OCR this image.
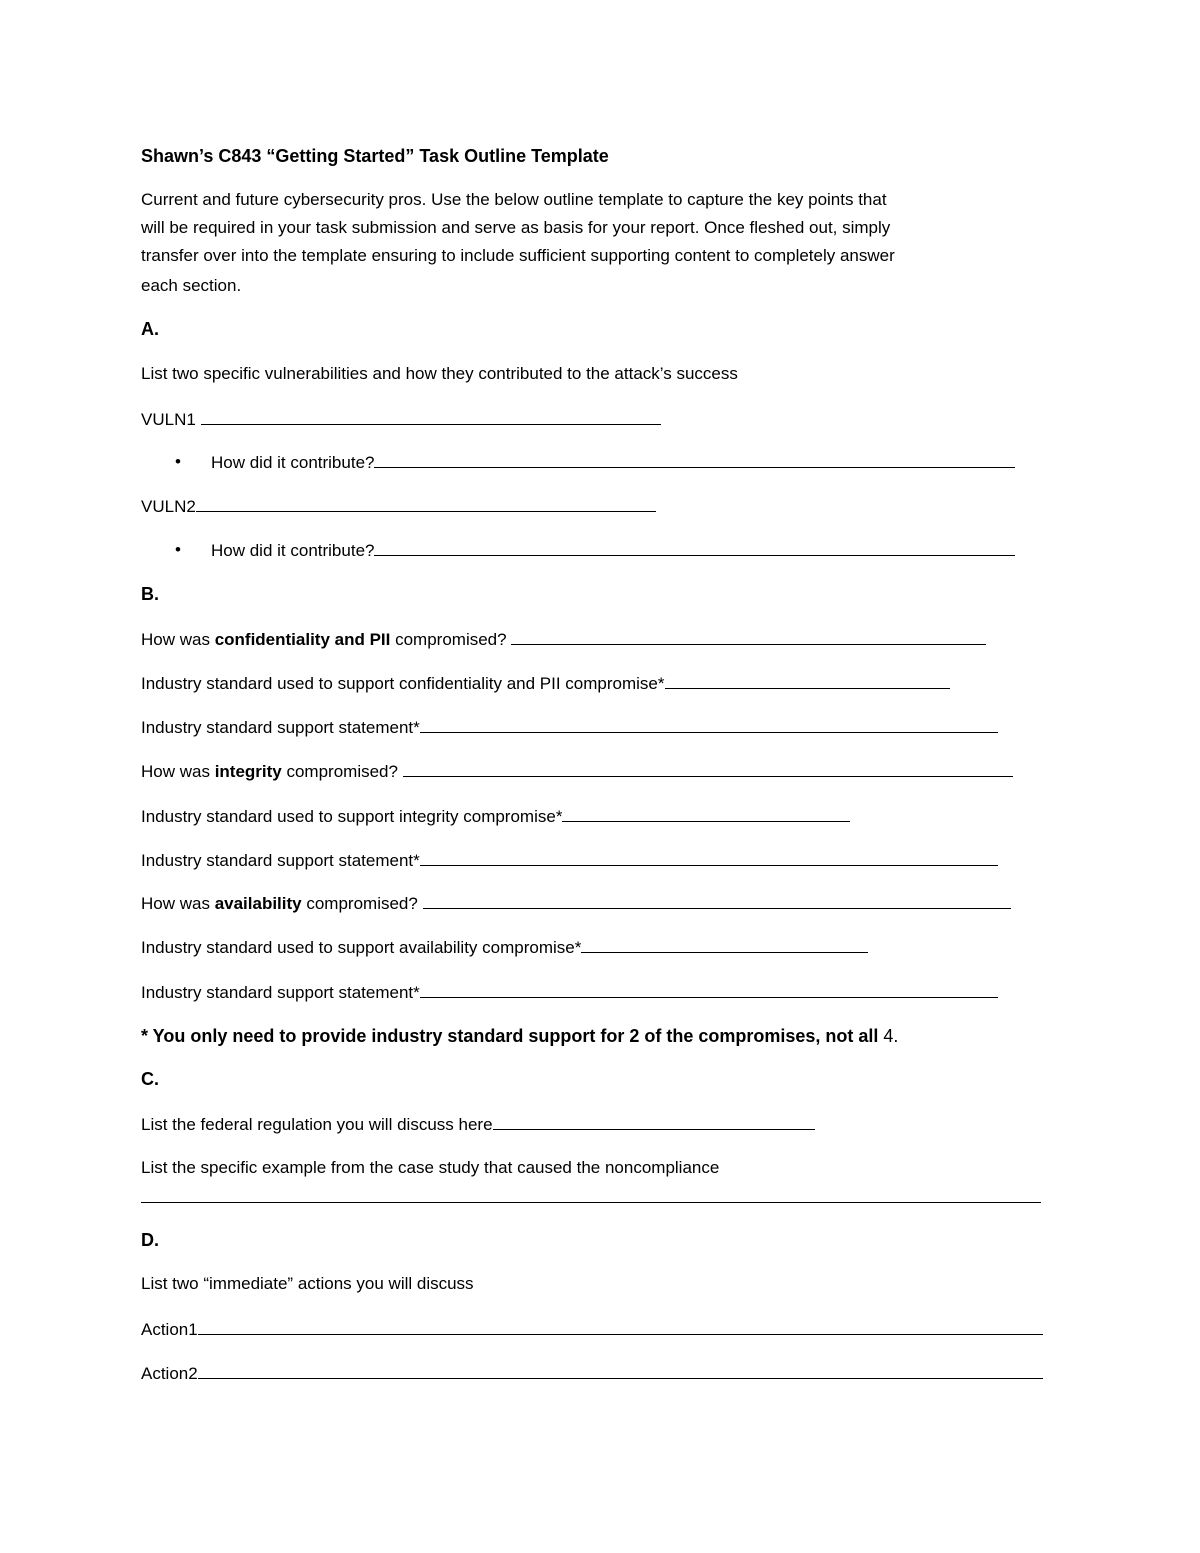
Shawn’s C843 “Getting Started” Task Outline Template
Current and future cybersecurity pros. Use the below outline template to capture the key points that
will be required in your task submission and serve as basis for your report. Once fleshed out, simply
transfer over into the template ensuring to include sufficient supporting content to completely answer
each section.
A.
List two specific vulnerabilities and how they contributed to the attack’s success
VULN1
• How did it contribute?
VULN2
• How did it contribute?
B.
How was confidentiality and PII compromised?
Industry standard used to support confidentiality and PII compromise*
Industry standard support statement*
How was integrity compromised?
Industry standard used to support integrity compromise*
Industry standard support statement*
How was availability compromised?
Industry standard used to support availability compromise*
Industry standard support statement*
* You only need to provide industry standard support for 2 of the compromises, not all 4.
C.
List the federal regulation you will discuss here
List the specific example from the case study that caused the noncompliance
D.
List two “immediate” actions you will discuss
Action1
Action2
